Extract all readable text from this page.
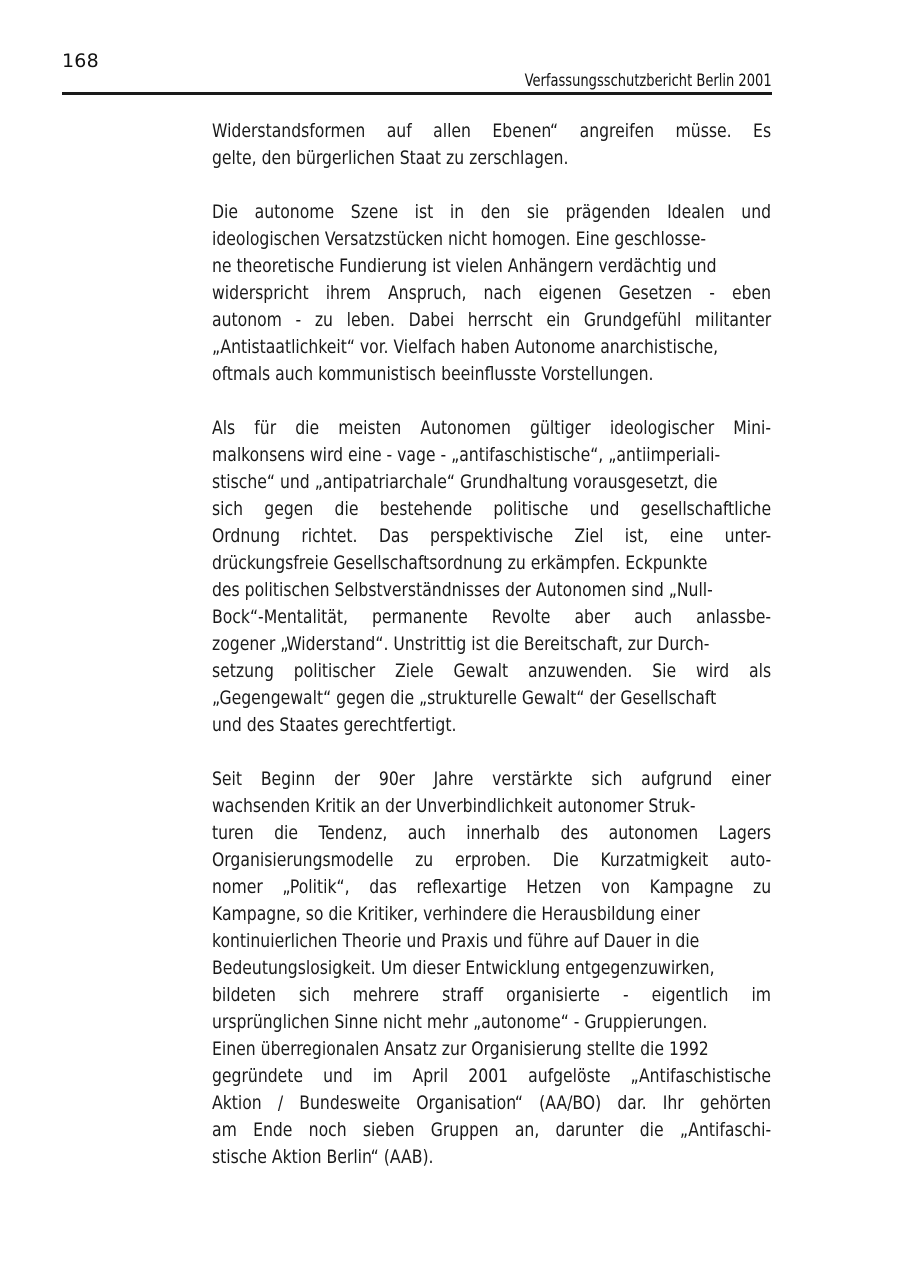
168
Verfassungsschutzbericht Berlin 2001

Widerstandsformen auf allen Ebenen“ angreifen müsse. Es
gelte, den bürgerlichen Staat zu zerschlagen.

Die autonome Szene ist in den sie prägenden Idealen und
ideologischen Versatzstücken nicht homogen. Eine geschlosse-
ne theoretische Fundierung ist vielen Anhängern verdächtig und
widerspricht ihrem Anspruch, nach eigenen Gesetzen - eben
autonom - zu leben. Dabei herrscht ein Grundgefühl militanter
„Antistaatlichkeit“ vor. Vielfach haben Autonome anarchistische,
oftmals auch kommunistisch beeinflusste Vorstellungen.

Als für die meisten Autonomen gültiger ideologischer Mini-
malkonsens wird eine - vage - „antifaschistische“, „antiimperiali-
stische“ und „antipatriarchale“ Grundhaltung vorausgesetzt, die
sich gegen die bestehende politische und gesellschaftliche
Ordnung richtet. Das perspektivische Ziel ist, eine unter-
drückungsfreie Gesellschaftsordnung zu erkämpfen. Eckpunkte
des politischen Selbstverständnisses der Autonomen sind „Null-
Bock“-Mentalität, permanente Revolte aber auch anlassbe-
zogener „Widerstand“. Unstrittig ist die Bereitschaft, zur Durch-
setzung politischer Ziele Gewalt anzuwenden. Sie wird als
„Gegengewalt“ gegen die „strukturelle Gewalt“ der Gesellschaft
und des Staates gerechtfertigt.

Seit Beginn der 90er Jahre verstärkte sich aufgrund einer
wachsenden Kritik an der Unverbindlichkeit autonomer Struk-
turen die Tendenz, auch innerhalb des autonomen Lagers
Organisierungsmodelle zu erproben. Die Kurzatmigkeit auto-
nomer „Politik“, das reflexartige Hetzen von Kampagne zu
Kampagne, so die Kritiker, verhindere die Herausbildung einer
kontinuierlichen Theorie und Praxis und führe auf Dauer in die
Bedeutungslosigkeit. Um dieser Entwicklung entgegenzuwirken,
bildeten sich mehrere straff organisierte - eigentlich im
ursprünglichen Sinne nicht mehr „autonome“ - Gruppierungen.

Einen überregionalen Ansatz zur Organisierung stellte die 1992
gegründete und im April 2001 aufgelöste „Antifaschistische
Aktion / Bundesweite Organisation“ (AA/BO) dar. Ihr gehörten
am Ende noch sieben Gruppen an, darunter die „Antifaschi-
stische Aktion Berlin“ (AAB).
